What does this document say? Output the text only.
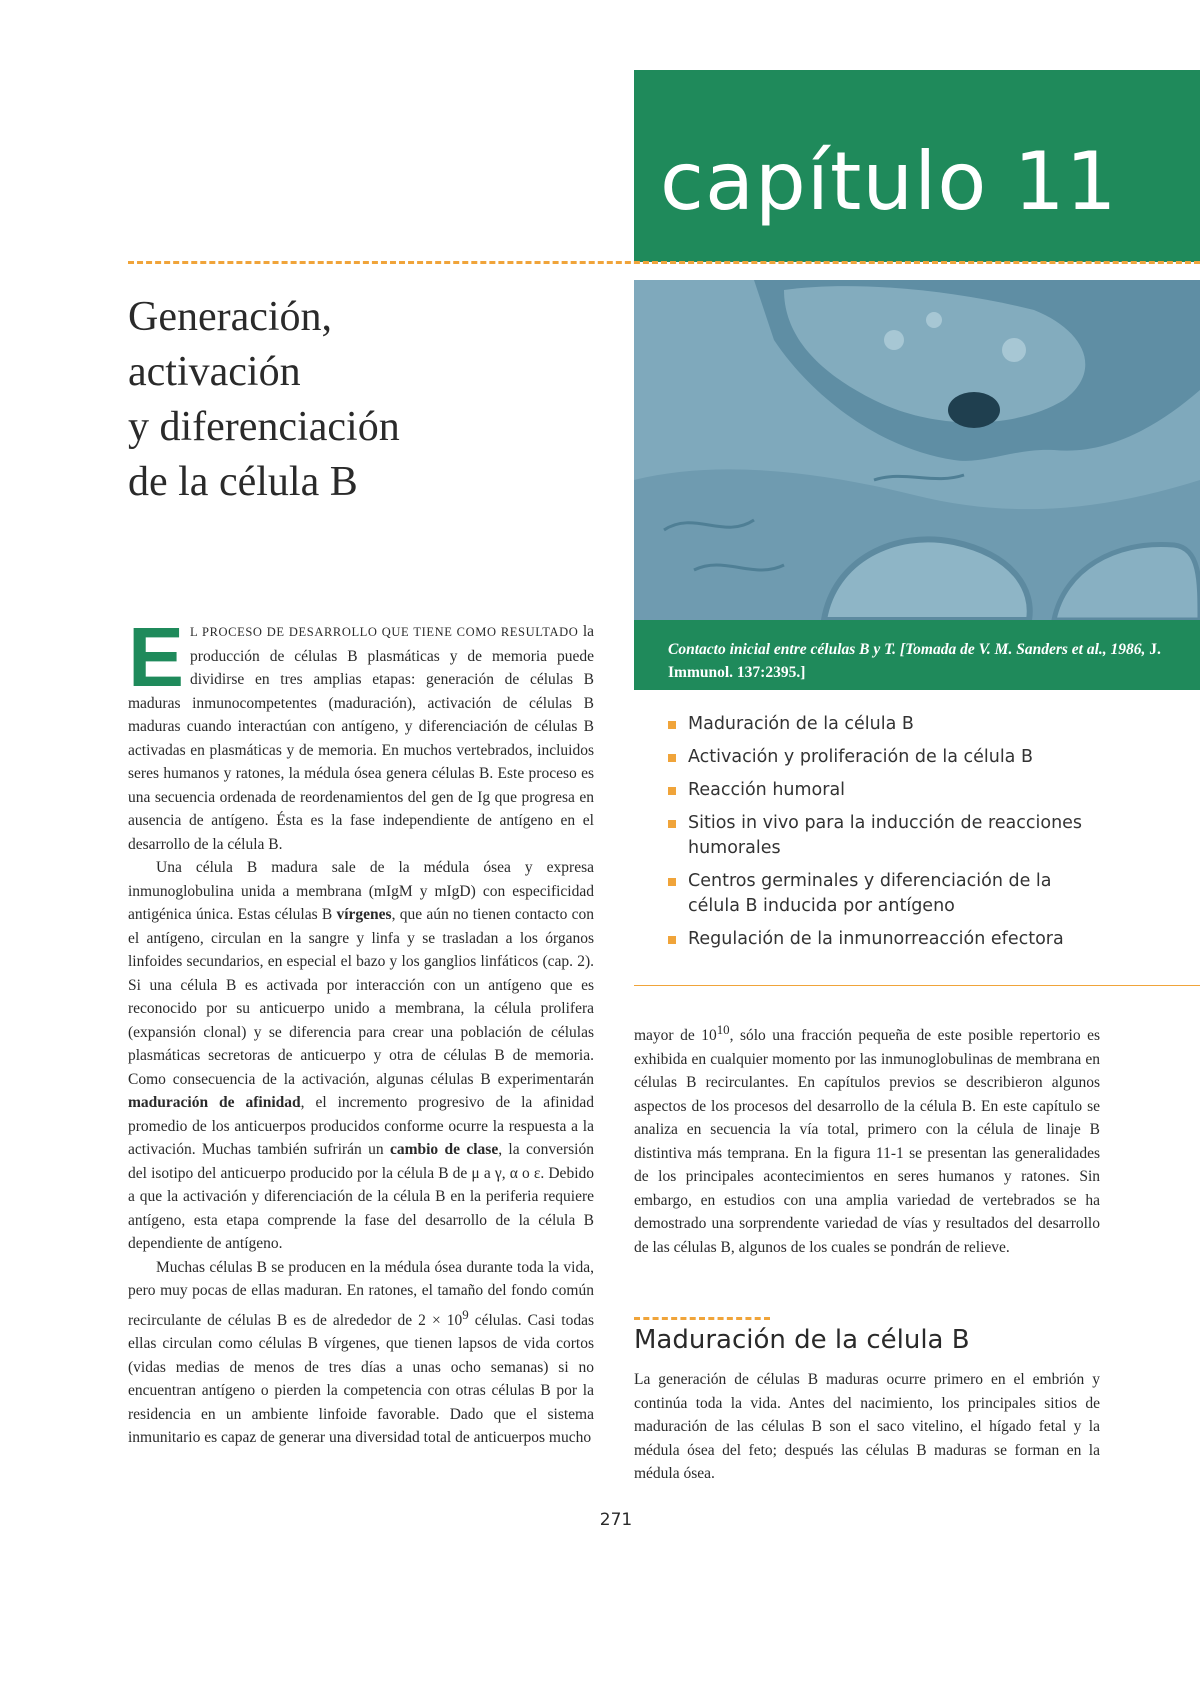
capítulo 11
Contacto inicial entre células B y T. [Tomada de V. M. Sanders et al., 1986, J. Immunol. 137:2395.]
Generación,
activación
y diferenciación
de la célula B
Maduración de la célula B
Activación y proliferación de la célula B
Reacción humoral
Sitios in vivo para la inducción de reacciones humorales
Centros germinales y diferenciación de la célula B inducida por antígeno
Regulación de la inmunorreacción efectora

E L PROCESO DE DESARROLLO QUE TIENE COMO RESULTADO la producción de células B plasmáticas y de memoria puede dividirse en tres amplias etapas: generación de células B maduras inmunocompetentes (maduración), activación de células B maduras cuando interactúan con antígeno, y diferenciación de células B activadas en plasmáticas y de memoria. En muchos vertebrados, incluidos seres humanos y ratones, la médula ósea genera células B. Este proceso es una secuencia ordenada de reordenamientos del gen de Ig que progresa en ausencia de antígeno. Ésta es la fase independiente de antígeno en el desarrollo de la célula B.

Una célula B madura sale de la médula ósea y expresa inmunoglobulina unida a membrana (mIgM y mIgD) con especificidad antigénica única. Estas células B vírgenes, que aún no tienen contacto con el antígeno, circulan en la sangre y linfa y se trasladan a los órganos linfoides secundarios, en especial el bazo y los ganglios linfáticos (cap. 2). Si una célula B es activada por interacción con un antígeno que es reconocido por su anticuerpo unido a membrana, la célula prolifera (expansión clonal) y se diferencia para crear una población de células plasmáticas secretoras de anticuerpo y otra de células B de memoria. Como consecuencia de la activación, algunas células B experimentarán maduración de afinidad, el incremento progresivo de la afinidad promedio de los anticuerpos producidos conforme ocurre la respuesta a la activación. Muchas también sufrirán un cambio de clase, la conversión del isotipo del anticuerpo producido por la célula B de μ a γ, α o ε. Debido a que la activación y diferenciación de la célula B en la periferia requiere antígeno, esta etapa comprende la fase del desarrollo de la célula B dependiente de antígeno.

Muchas células B se producen en la médula ósea durante toda la vida, pero muy pocas de ellas maduran. En ratones, el tamaño del fondo común recirculante de células B es de alrededor de $2 \times 10^9$ células. Casi todas ellas circulan como células B vírgenes, que tienen lapsos de vida cortos (vidas medias de menos de tres días a unas ocho semanas) si no encuentran antígeno o pierden la competencia con otras células B por la residencia en un ambiente linfoide favorable. Dado que el sistema inmunitario es capaz de generar una diversidad total de anticuerpos mucho

mayor de $10^{10}$, sólo una fracción pequeña de este posible repertorio es exhibida en cualquier momento por las inmunoglobulinas de membrana en células B recirculantes. En capítulos previos se describieron algunos aspectos de los procesos del desarrollo de la célula B. En este capítulo se analiza en secuencia la vía total, primero con la célula de linaje B distintiva más temprana. En la figura 11-1 se presentan las generalidades de los principales acontecimientos en seres humanos y ratones. Sin embargo, en estudios con una amplia variedad de vertebrados se ha demostrado una sorprendente variedad de vías y resultados del desarrollo de las células B, algunos de los cuales se pondrán de relieve.

Maduración de la célula B

La generación de células B maduras ocurre primero en el embrión y continúa toda la vida. Antes del nacimiento, los principales sitios de maduración de las células B son el saco vitelino, el hígado fetal y la médula ósea del feto; después las células B maduras se forman en la médula ósea.

271
